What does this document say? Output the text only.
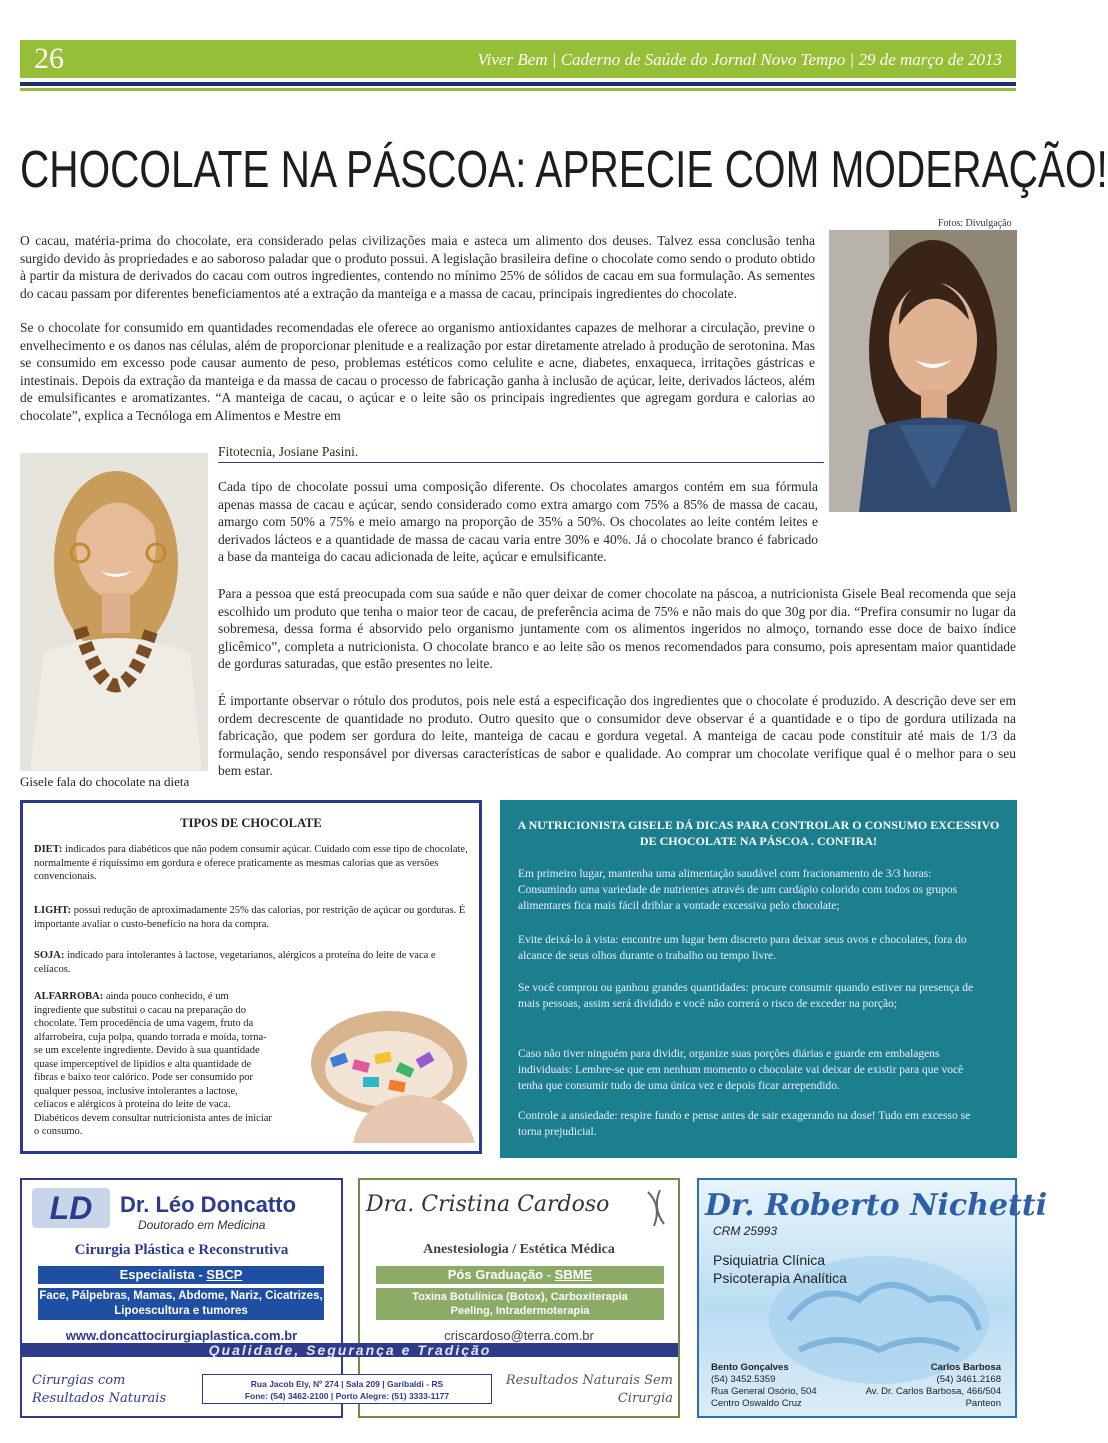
26	Viver Bem | Caderno de Saúde do Jornal Novo Tempo | 29 de março de 2013
CHOCOLATE NA PÁSCOA: APRECIE COM MODERAÇÃO!
Fotos: Divulgação

O cacau, matéria-prima do chocolate, era considerado pelas civilizações maia e asteca um alimento dos deuses. Talvez essa conclusão tenha surgido devido às propriedades e ao saboroso paladar que o produto possui. A legislação brasileira define o chocolate como sendo o produto obtido à partir da mistura de derivados do cacau com outros ingredientes, contendo no mínimo 25% de sólidos de cacau em sua formulação. As sementes do cacau passam por diferentes beneficiamentos até a extração da manteiga e a massa de cacau, principais ingredientes do chocolate.

Se o chocolate for consumido em quantidades recomendadas ele oferece ao organismo antioxidantes capazes de melhorar a circulação, previne o envelhecimento e os danos nas células, além de proporcionar plenitude e a realização por estar diretamente atrelado à produção de serotonina. Mas se consumido em excesso pode causar aumento de peso, problemas estéticos como celulite e acne, diabetes, enxaqueca, irritações gástricas e intestinais. Depois da extração da manteiga e da massa de cacau o processo de fabricação ganha à inclusão de açúcar, leite, derivados lácteos, além de emulsificantes e aromatizantes. “A manteiga de cacau, o açúcar e o leite são os principais ingredientes que agregam gordura e calorias ao chocolate”, explica a Tecnóloga em Alimentos e Mestre em

Fitotecnia, Josiane Pasini.
Gisele fala do chocolate na dieta
Cada tipo de chocolate possui uma composição diferente. Os chocolates amargos contém em sua fórmula apenas massa de cacau e açúcar, sendo considerado como extra amargo com 75% a 85% de massa de cacau, amargo com 50% a 75% e meio amargo na proporção de 35% a 50%. Os chocolates ao leite contém leites e derivados lácteos e a quantidade de massa de cacau varia entre 30% e 40%. Já o chocolate branco é fabricado a base da manteiga do cacau adicionada de leite, açúcar e emulsificante.
Para a pessoa que está preocupada com sua saúde e não quer deixar de comer chocolate na páscoa, a nutricionista Gisele Beal recomenda que seja escolhido um produto que tenha o maior teor de cacau, de preferência acima de 75% e não mais do que 30g por dia. “Prefira consumir no lugar da sobremesa, dessa forma é absorvido pelo organismo juntamente com os alimentos ingeridos no almoço, tornando esse doce de baixo índice glicêmico”, completa a nutricionista. O chocolate branco e ao leite são os menos recomendados para consumo, pois apresentam maior quantidade de gorduras saturadas, que estão presentes no leite.
É importante observar o rótulo dos produtos, pois nele está a especificação dos ingredientes que o chocolate é produzido. A descrição deve ser em ordem decrescente de quantidade no produto. Outro quesito que o consumidor deve observar é a quantidade e o tipo de gordura utilizada na fabricação, que podem ser gordura do leite, manteiga de cacau e gordura vegetal. A manteiga de cacau pode constituir até mais de 1/3 da formulação, sendo responsável por diversas características de sabor e qualidade. Ao comprar um chocolate verifique qual é o melhor para o seu bem estar.
TIPOS DE CHOCOLATE
DIET: indicados para diabéticos que não podem consumir açúcar. Cuidado com esse tipo de chocolate, normalmente é riquíssimo em gordura e oferece praticamente as mesmas calorias que as versões convencionais.
LIGHT: possui redução de aproximadamente 25% das calorias, por restrição de açúcar ou gorduras. É importante avaliar o custo-benefício na hora da compra.
SOJA: indicado para intolerantes à lactose, vegetarianos, alérgicos a proteína do leite de vaca e celíacos.
ALFARROBA: ainda pouco conhecido, é um ingrediente que substitui o cacau na preparação do chocolate. Tem procedência de uma vagem, fruto da alfarrobeira, cuja polpa, quando torrada e moída, torna-se um excelente ingrediente. Devido à sua quantidade quase imperceptível de lipídios e alta quantidade de fibras e baixo teor calórico. Pode ser consumido por qualquer pessoa, inclusive intolerantes a lactose, celíacos e alérgicos à proteína do leite de vaca. Diabéticos devem consultar nutricionista antes de iniciar o consumo.
A NUTRICIONISTA GISELE DÁ DICAS PARA CONTROLAR O CONSUMO EXCESSIVO DE CHOCOLATE NA PÁSCOA . CONFIRA!
Em primeiro lugar, mantenha uma alimentação saudável com fracionamento de 3/3 horas: Consumindo uma variedade de nutrientes através de um cardápio colorido com todos os grupos alimentares fica mais fácil driblar a vontade excessiva pelo chocolate;
Evite deixá-lo à vista: encontre um lugar bem discreto para deixar seus ovos e chocolates, fora do alcance de seus olhos durante o trabalho ou tempo livre.
Se você comprou ou ganhou grandes quantidades: procure consumir quando estiver na presença de mais pessoas, assim será dividido e você não correrá o risco de exceder na porção;
Caso não tiver ninguém para dividir, organize suas porções diárias e guarde em embalagens individuais: Lembre-se que em nenhum momento o chocolate vai deixar de existir para que você tenha que consumir tudo de uma única vez e depois ficar arrependido.
Controle a ansiedade: respire fundo e pense antes de sair exagerando na dose! Tudo em excesso se torna prejudicial.
LD	Dr. Léo Doncatto
Doutorado em Medicina
Cirurgia Plástica e Reconstrutiva
Especialista - SBCP
Face, Pálpebras, Mamas, Abdome, Nariz, Cicatrizes, Lipoescultura e tumores
www.doncattocirurgiaplastica.com.br
Cirurgias com Resultados Naturais
Rua Jacob Ely, Nº 274 | Sala 209 | Garibaldi - RS
Fone: (54) 3462-2100 | Porto Alegre: (51) 3333-1177
Dra. Cristina Cardoso
Anestesiologia / Estética Médica
Pós Graduação - SBME
Toxina Botulínica (Botox), Carboxiterapia Peeling, Intradermoterapia
criscardoso@terra.com.br
Resultados Naturais Sem Cirurgia
Qualidade, Segurança e Tradição
Dr. Roberto Nichetti
CRM 25993
Psiquiatria Clínica
Psicoterapia Analítica
Bento Gonçalves
(54) 3452.5359
Rua General Osório, 504
Centro Oswaldo Cruz
Carlos Barbosa
(54) 3461.2168
Av. Dr. Carlos Barbosa, 466/504
Panteon
